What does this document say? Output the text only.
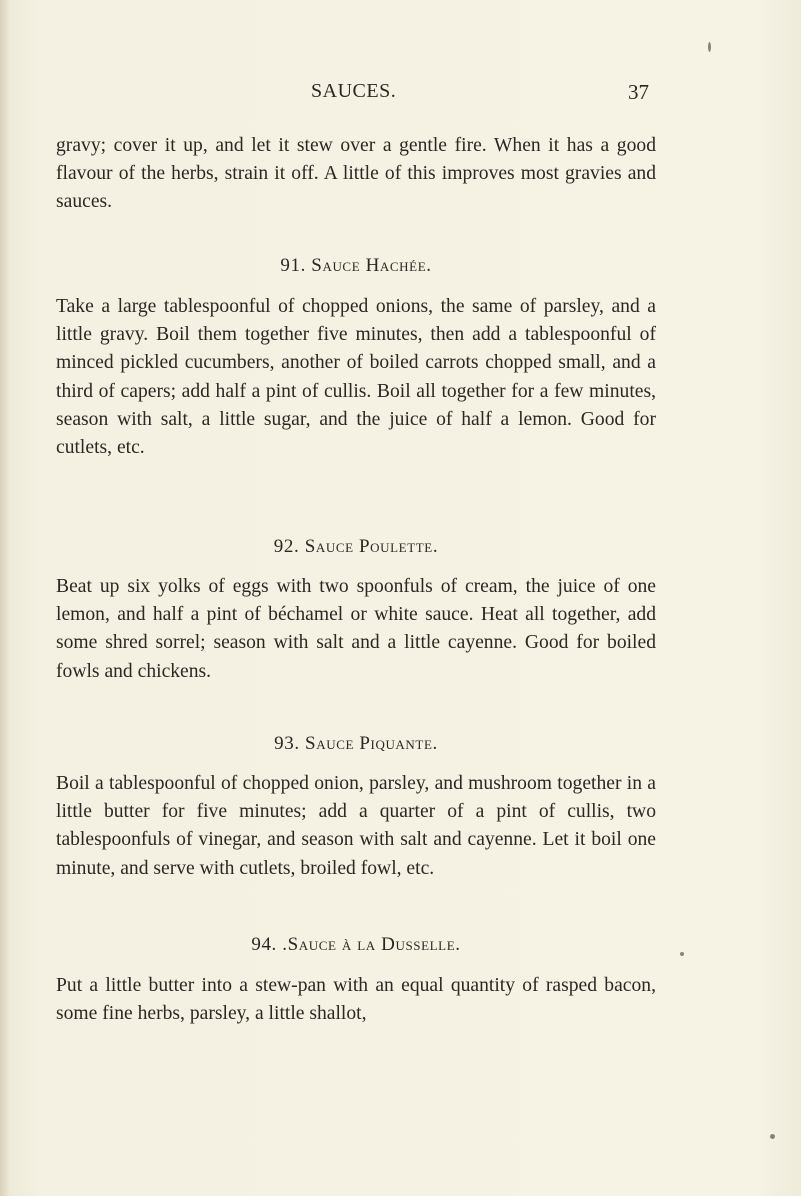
SAUCES.	37

gravy; cover it up, and let it stew over a gentle fire. When it has a good flavour of the herbs, strain it off. A little of this improves most gravies and sauces.

91. Sauce Hachée.

Take a large tablespoonful of chopped onions, the same of parsley, and a little gravy. Boil them together five minutes, then add a tablespoonful of minced pickled cucumbers, another of boiled carrots chopped small, and a third of capers; add half a pint of cullis. Boil all together for a few minutes, season with salt, a little sugar, and the juice of half a lemon. Good for cutlets, etc.

92. Sauce Poulette.

Beat up six yolks of eggs with two spoonfuls of cream, the juice of one lemon, and half a pint of béchamel or white sauce. Heat all together, add some shred sorrel; season with salt and a little cayenne. Good for boiled fowls and chickens.

93. Sauce Piquante.

Boil a tablespoonful of chopped onion, parsley, and mushroom together in a little butter for five minutes; add a quarter of a pint of cullis, two tablespoonfuls of vinegar, and season with salt and cayenne. Let it boil one minute, and serve with cutlets, broiled fowl, etc.

94. .Sauce à la Dusselle.

Put a little butter into a stew-pan with an equal quantity of rasped bacon, some fine herbs, parsley, a little shallot,
